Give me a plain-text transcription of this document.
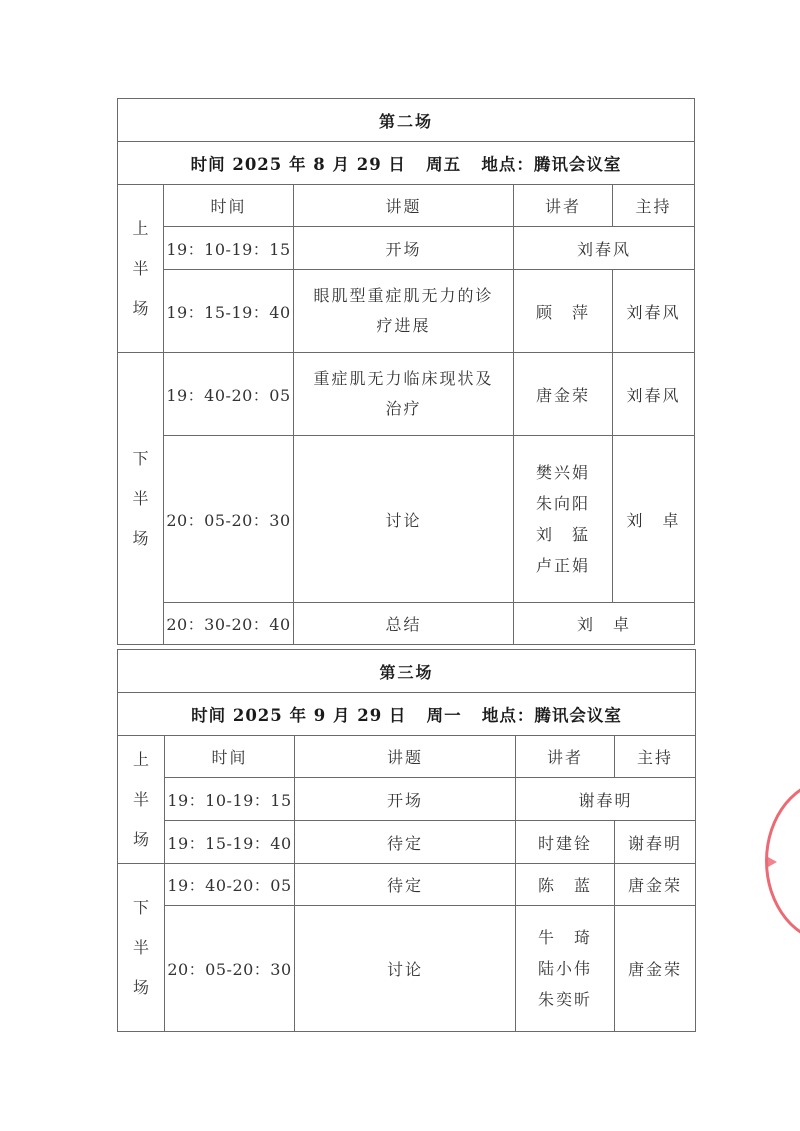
第二场				
时间 2025 年 8 月 29 日   周五   地点：腾讯会议室				

上
半
场	时间	讲题	讲者	主持
	19：10-19：15	开场	刘春风	
	19：15-19：40	眼肌型重症肌无力的诊疗进展	顾　萍	刘春风

下
半
场	19：40-20：05	重症肌无力临床现状及治疗	唐金荣	刘春风
	20：05-20：30	讨论	樊兴娟
朱向阳
刘　猛
卢正娟	刘　卓
	20：30-20：40	总结	刘　卓	
第三场				
时间 2025 年 9 月 29 日   周一   地点：腾讯会议室				

上
半
场	时间	讲题	讲者	主持
	19：10-19：15	开场	谢春明	
	19：15-19：40	待定	时建铨	谢春明

下
半
场	19：40-20：05	待定	陈　蓝	唐金荣
	20：05-20：30	讨论	牛　琦
陆小伟
朱奕昕	唐金荣
